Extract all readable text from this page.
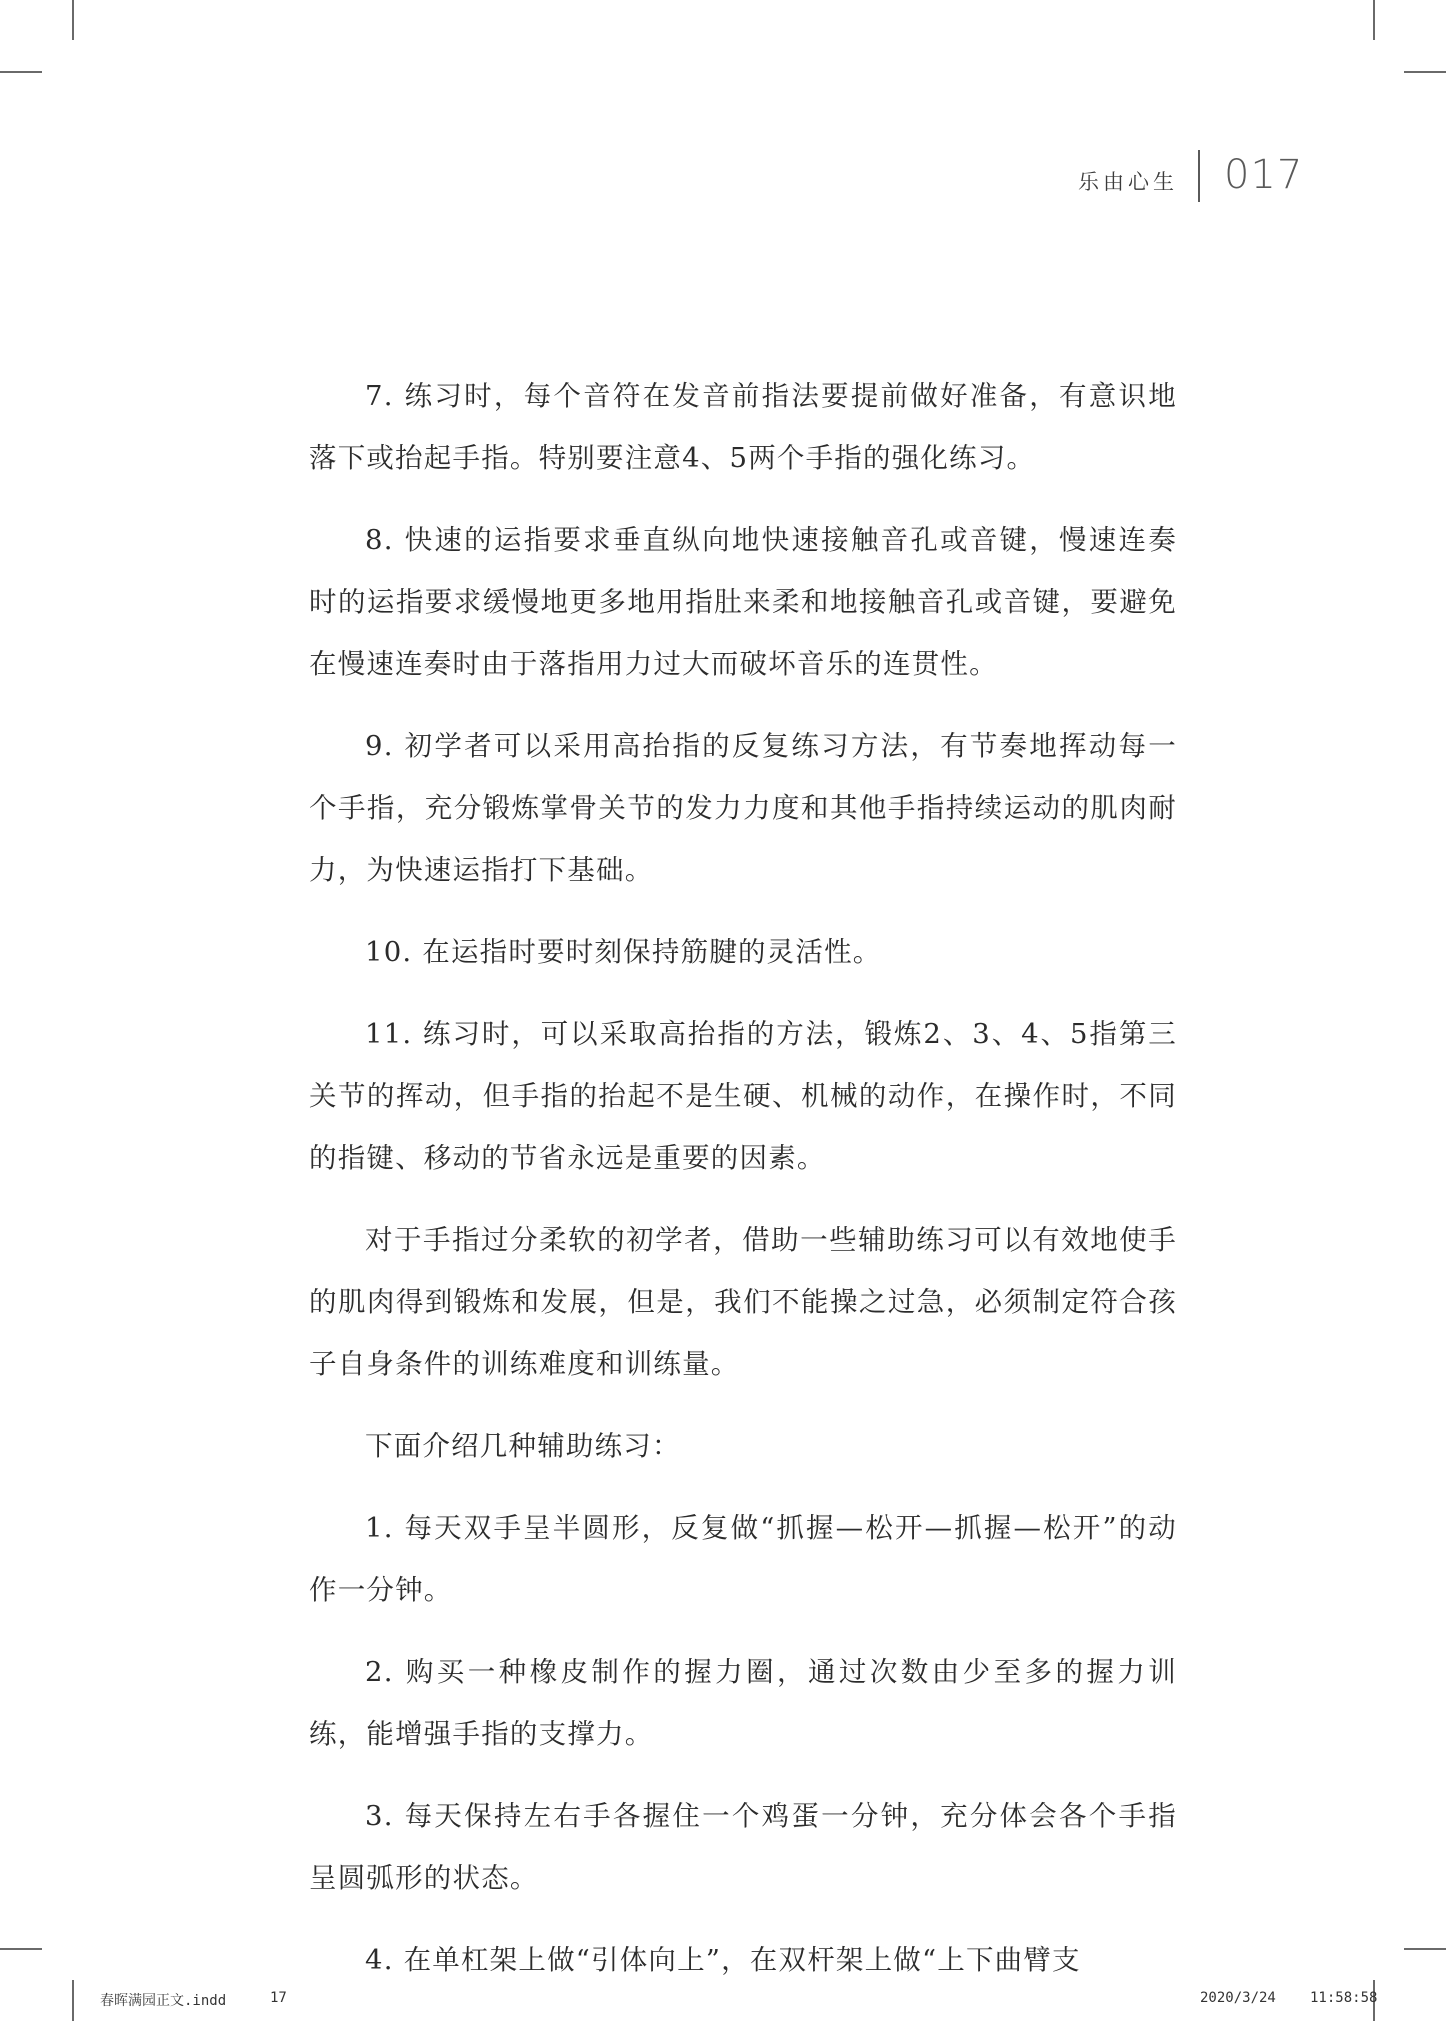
乐由心生 017

7. 练习时，每个音符在发音前指法要提前做好准备，有意识地落下或抬起手指。特别要注意4、5两个手指的强化练习。

8. 快速的运指要求垂直纵向地快速接触音孔或音键，慢速连奏时的运指要求缓慢地更多地用指肚来柔和地接触音孔或音键，要避免在慢速连奏时由于落指用力过大而破坏音乐的连贯性。

9. 初学者可以采用高抬指的反复练习方法，有节奏地挥动每一个手指，充分锻炼掌骨关节的发力力度和其他手指持续运动的肌肉耐力，为快速运指打下基础。

10. 在运指时要时刻保持筋腱的灵活性。

11. 练习时，可以采取高抬指的方法，锻炼2、3、4、5指第三关节的挥动，但手指的抬起不是生硬、机械的动作，在操作时，不同的指键、移动的节省永远是重要的因素。

对于手指过分柔软的初学者，借助一些辅助练习可以有效地使手的肌肉得到锻炼和发展，但是，我们不能操之过急，必须制定符合孩子自身条件的训练难度和训练量。

下面介绍几种辅助练习：

1. 每天双手呈半圆形，反复做“抓握—松开—抓握—松开”的动作一分钟。

2. 购买一种橡皮制作的握力圈，通过次数由少至多的握力训练，能增强手指的支撑力。

3. 每天保持左右手各握住一个鸡蛋一分钟，充分体会各个手指呈圆弧形的状态。

4. 在单杠架上做“引体向上”，在双杆架上做“上下曲臂支

春晖满园正文.indd	17	2020/3/24 11:58:58
